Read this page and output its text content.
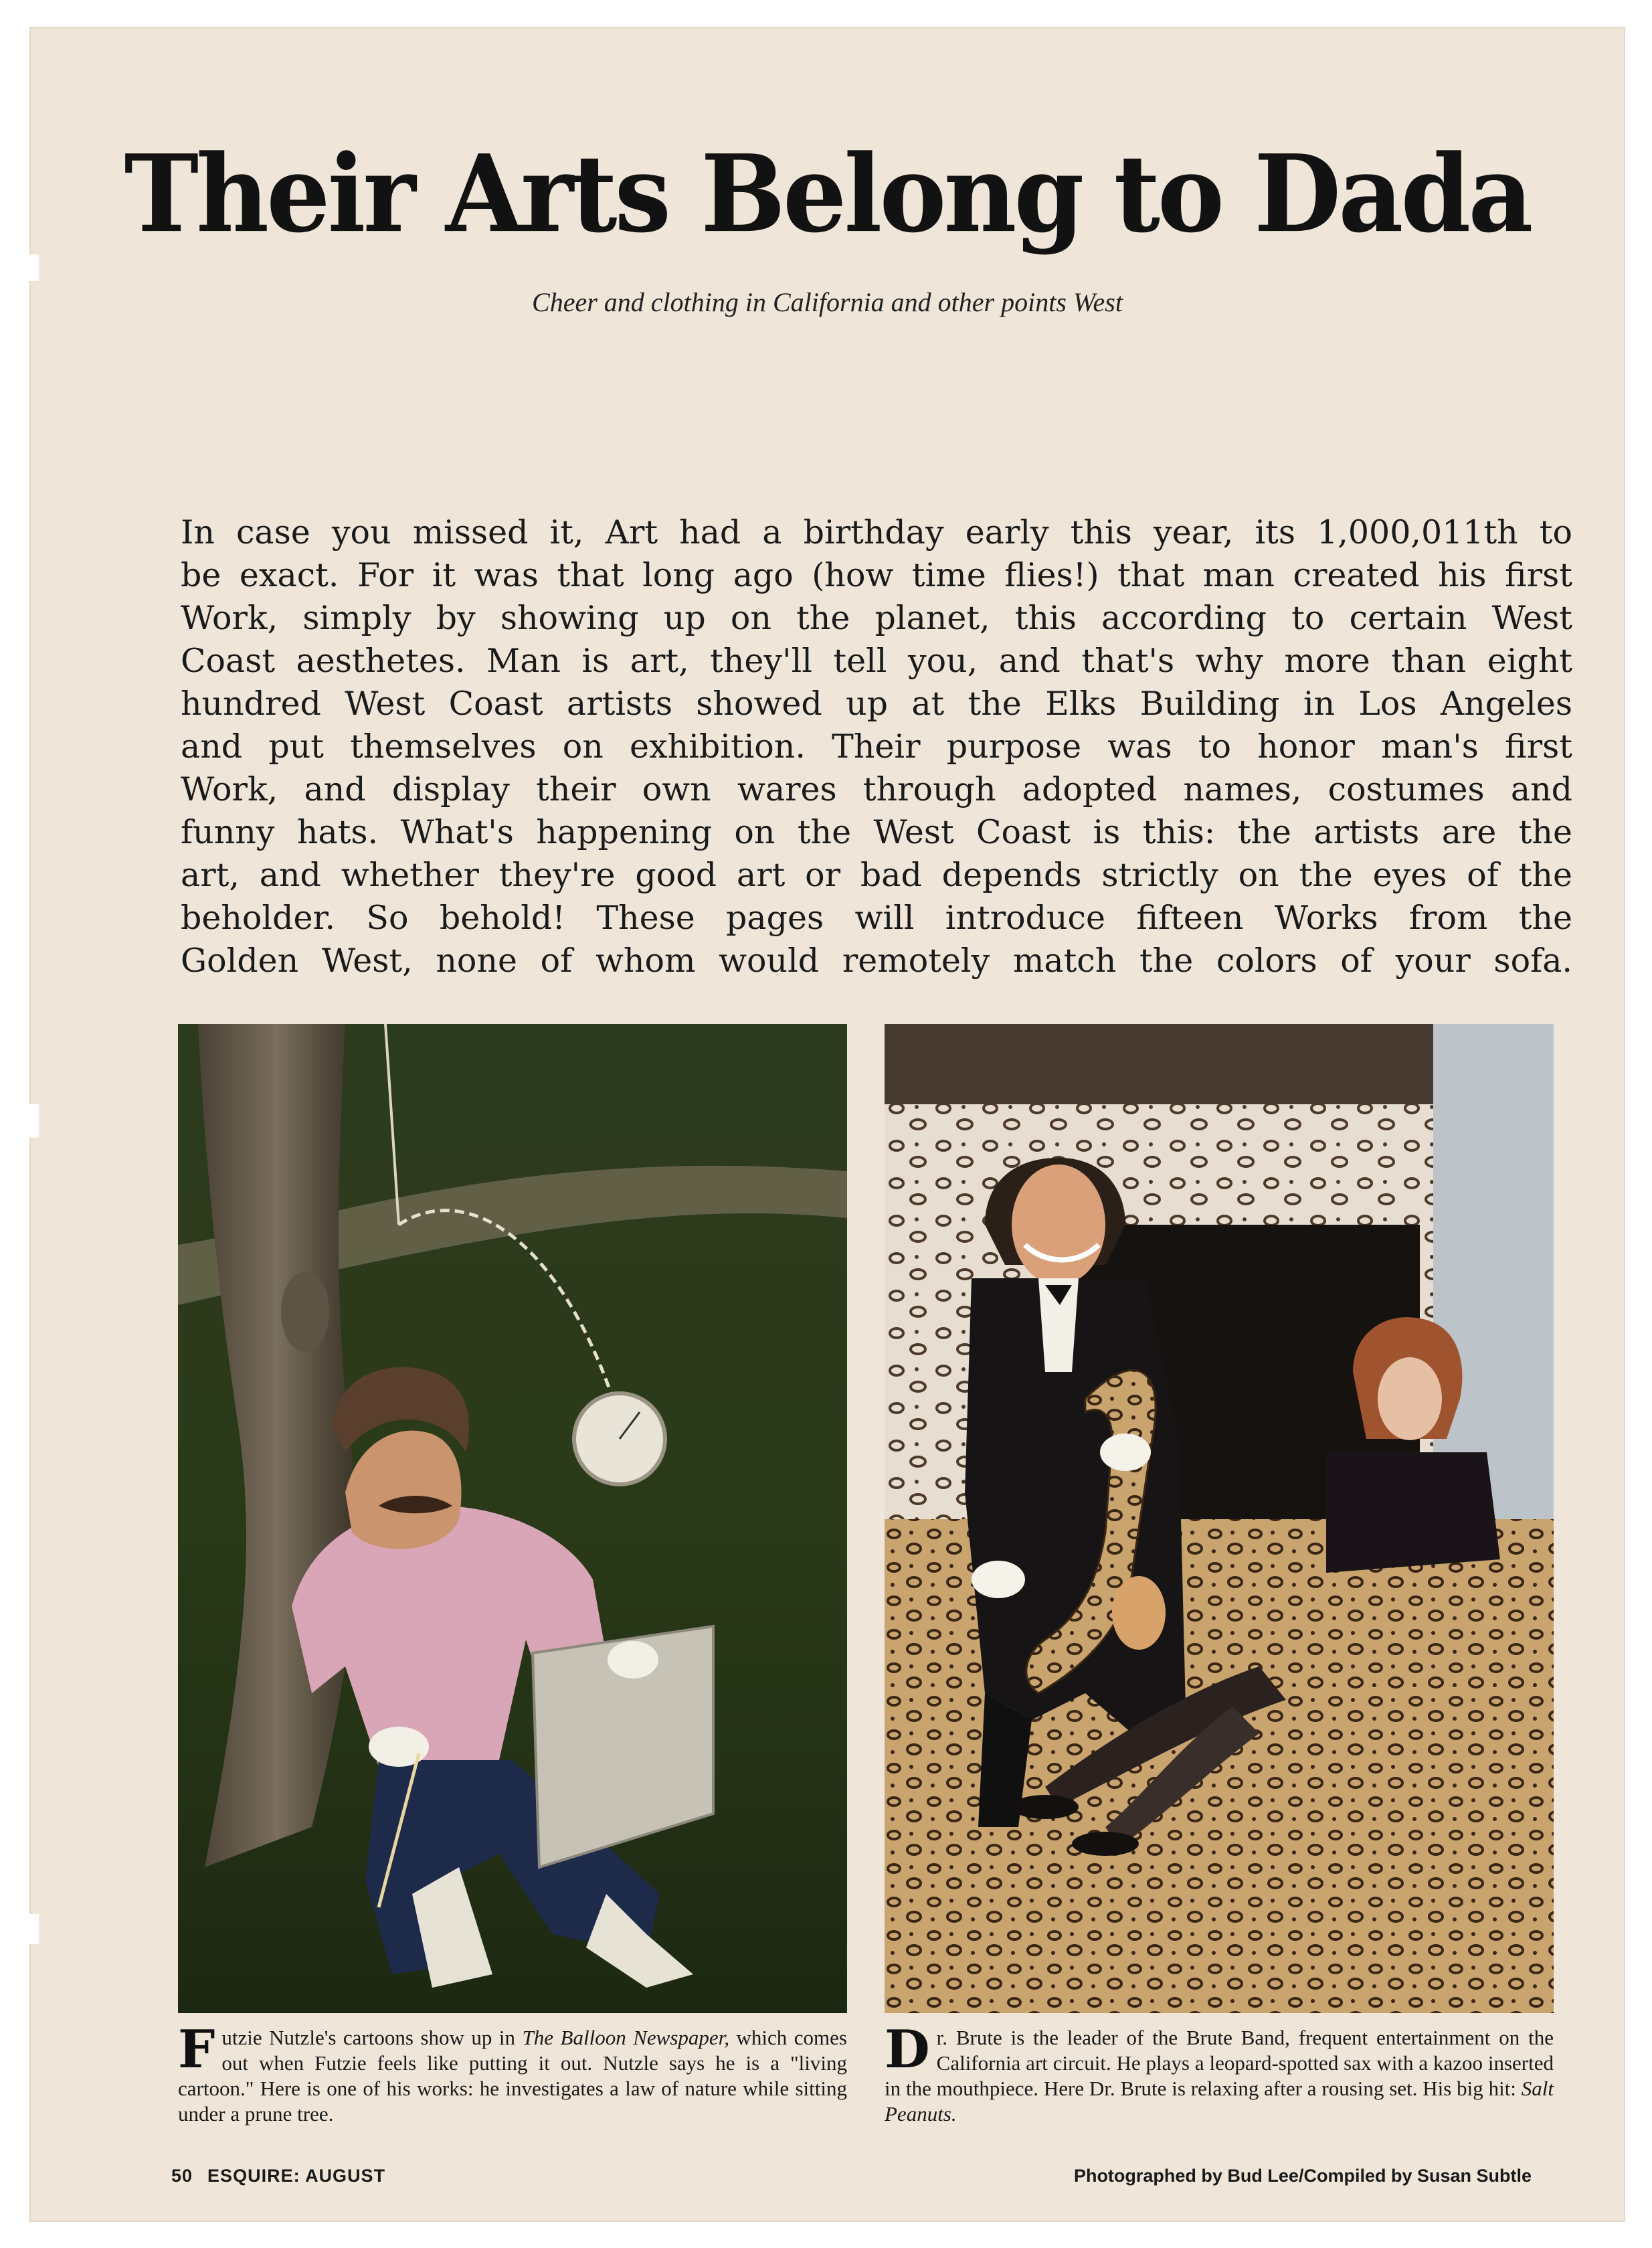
Their Arts Belong to Dada

Cheer and clothing in California and other points West

In case you missed it, Art had a birthday early this year, its 1,000,011th to
be exact. For it was that long ago (how time flies!) that man created his first
Work, simply by showing up on the planet, this according to certain West
Coast aesthetes. Man is art, they'll tell you, and that's why more than eight
hundred West Coast artists showed up at the Elks Building in Los Angeles
and put themselves on exhibition. Their purpose was to honor man's first
Work, and display their own wares through adopted names, costumes and
funny hats. What's happening on the West Coast is this: the artists are the
art, and whether they're good art or bad depends strictly on the eyes of the
beholder. So behold! These pages will introduce fifteen Works from the
Golden West, none of whom would remotely match the colors of your sofa.

Futzie Nutzle's cartoons show up in The Balloon Newspaper, which comes out when Futzie feels like putting it out. Nutzle says he is a "living cartoon." Here is one of his works: he investigates a law of nature while sitting under a prune tree.

Dr. Brute is the leader of the Brute Band, frequent entertainment on the California art circuit. He plays a leopard-spotted sax with a kazoo inserted in the mouthpiece. Here Dr. Brute is relaxing after a rousing set. His big hit: Salt Peanuts.

50 ESQUIRE: AUGUST	Photographed by Bud Lee/Compiled by Susan Subtle
